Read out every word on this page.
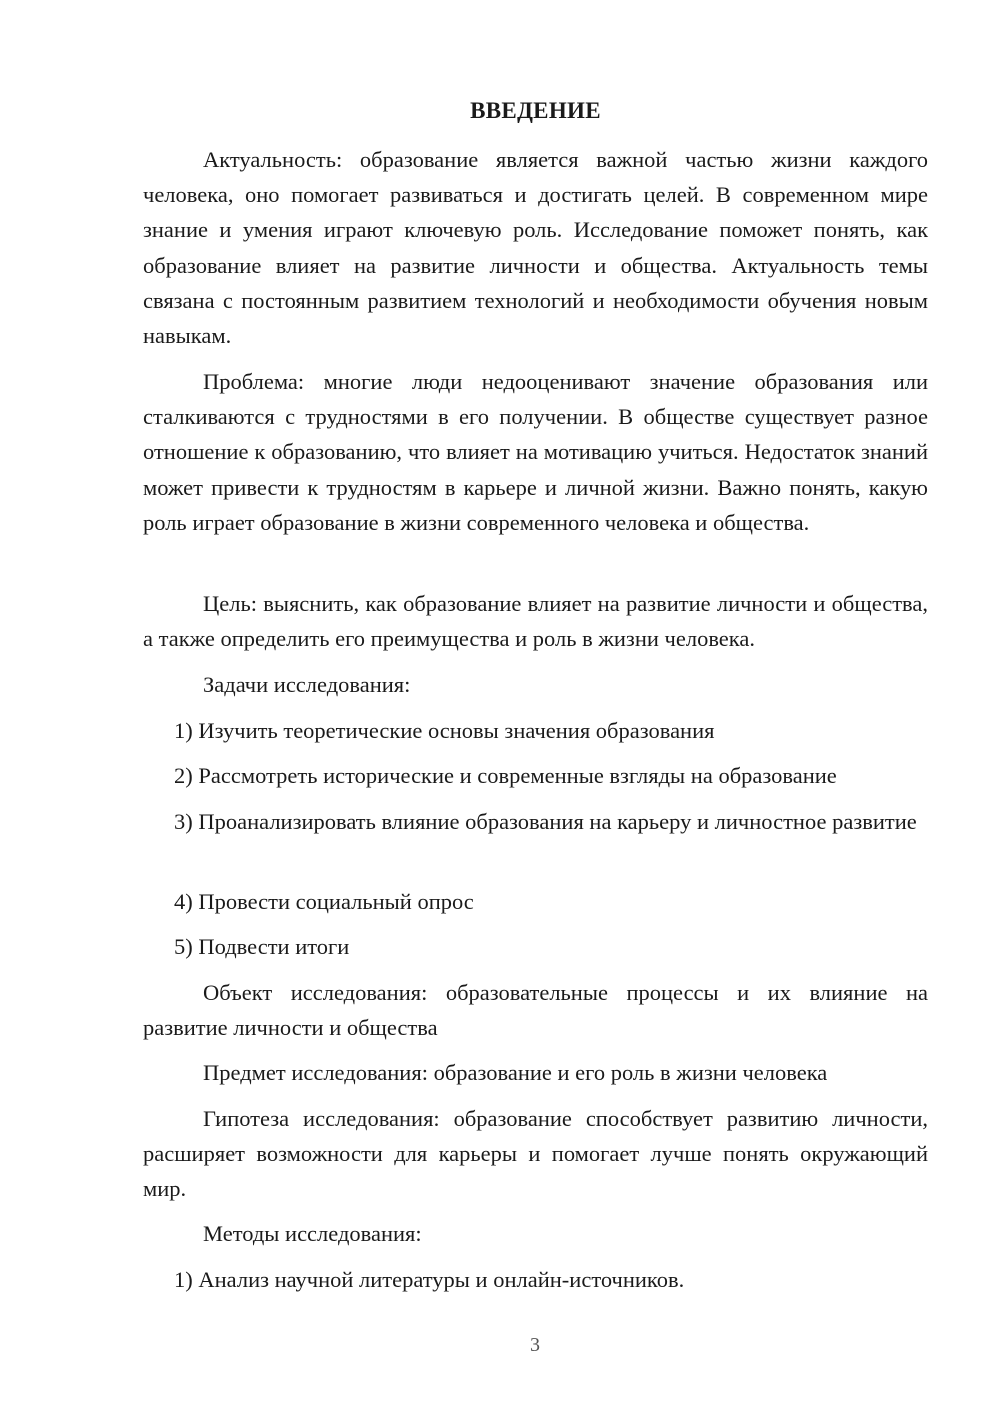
ВВЕДЕНИЕ

Актуальность: образование является важной частью жизни каждого человека, оно помогает развиваться и достигать целей. В современном мире знание и умения играют ключевую роль. Исследование поможет понять, как образование влияет на развитие личности и общества. Актуальность темы связана с постоянным развитием технологий и необходимости обучения новым навыкам.

Проблема: многие люди недооценивают значение образования или сталкиваются с трудностями в его получении. В обществе существует разное отношение к образованию, что влияет на мотивацию учиться. Недостаток знаний может привести к трудностям в карьере и личной жизни. Важно понять, какую роль играет образование в жизни современного человека и общества.

Цель: выяснить, как образование влияет на развитие личности и общества, а также определить его преимущества и роль в жизни человека.

Задачи исследования:

1) Изучить теоретические основы значения образования

2) Рассмотреть исторические и современные взгляды на образование

3) Проанализировать влияние образования на карьеру и личностное развитие

4) Провести социальный опрос

5) Подвести итоги

Объект исследования: образовательные процессы и их влияние на развитие личности и общества

Предмет исследования: образование и его роль в жизни человека

Гипотеза исследования: образование способствует развитию личности, расширяет возможности для карьеры и помогает лучше понять окружающий мир.

Методы исследования:

1) Анализ научной литературы и онлайн-источников.

3
